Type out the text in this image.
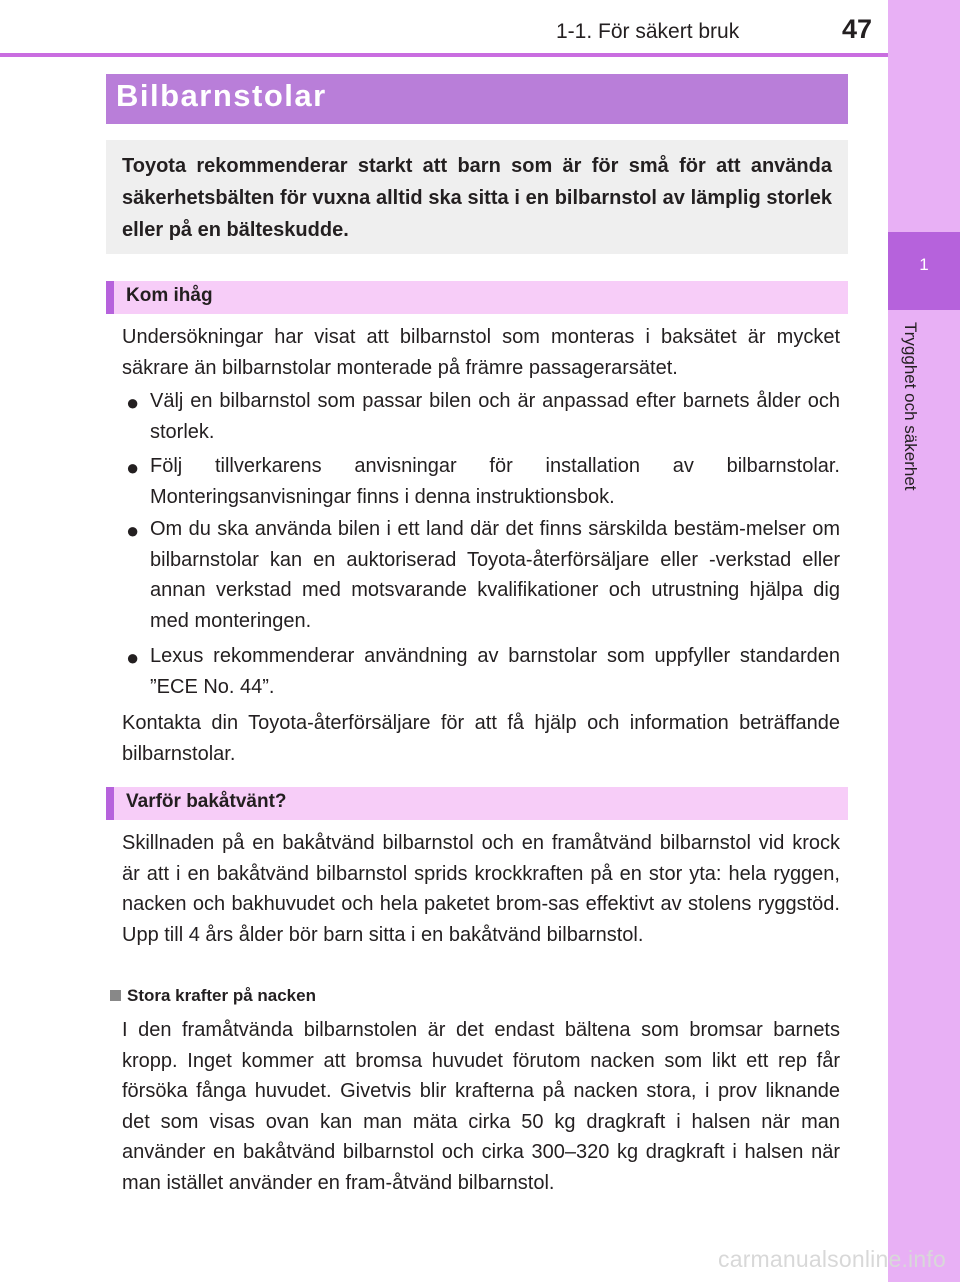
1-1. För säkert bruk	47
1
Trygghet och säkerhet
Bilbarnstolar
Toyota rekommenderar starkt att barn som är för små för att använda säkerhetsbälten för vuxna alltid ska sitta i en bilbarnstol av lämplig storlek eller på en bälteskudde.
Kom ihåg

Undersökningar har visat att bilbarnstol som monteras i baksätet är mycket säkrare än bilbarnstolar monterade på främre passagerarsätet.

● Välj en bilbarnstol som passar bilen och är anpassad efter barnets ålder och storlek.
● Följ tillverkarens anvisningar för installation av bilbarnstolar. Monteringsanvisningar finns i denna instruktionsbok.
● Om du ska använda bilen i ett land där det finns särskilda bestäm-melser om bilbarnstolar kan en auktoriserad Toyota-återförsäljare eller -verkstad eller annan verkstad med motsvarande kvalifikationer och utrustning hjälpa dig med monteringen.
● Lexus rekommenderar användning av barnstolar som uppfyller standarden ”ECE No. 44”.

Kontakta din Toyota-återförsäljare för att få hjälp och information beträffande bilbarnstolar.

Varför bakåtvänt?

Skillnaden på en bakåtvänd bilbarnstol och en framåtvänd bilbarnstol vid krock är att i en bakåtvänd bilbarnstol sprids krockkraften på en stor yta: hela ryggen, nacken och bakhuvudet och hela paketet brom-sas effektivt av stolens ryggstöd. Upp till 4 års ålder bör barn sitta i en bakåtvänd bilbarnstol.

Stora krafter på nacken

I den framåtvända bilbarnstolen är det endast bältena som bromsar barnets kropp. Inget kommer att bromsa huvudet förutom nacken som likt ett rep får försöka fånga huvudet. Givetvis blir krafterna på nacken stora, i prov liknande det som visas ovan kan man mäta cirka 50 kg dragkraft i halsen när man använder en bakåtvänd bilbarnstol och cirka 300–320 kg dragkraft i halsen när man istället använder en fram-åtvänd bilbarnstol.

carmanualsonline.info
